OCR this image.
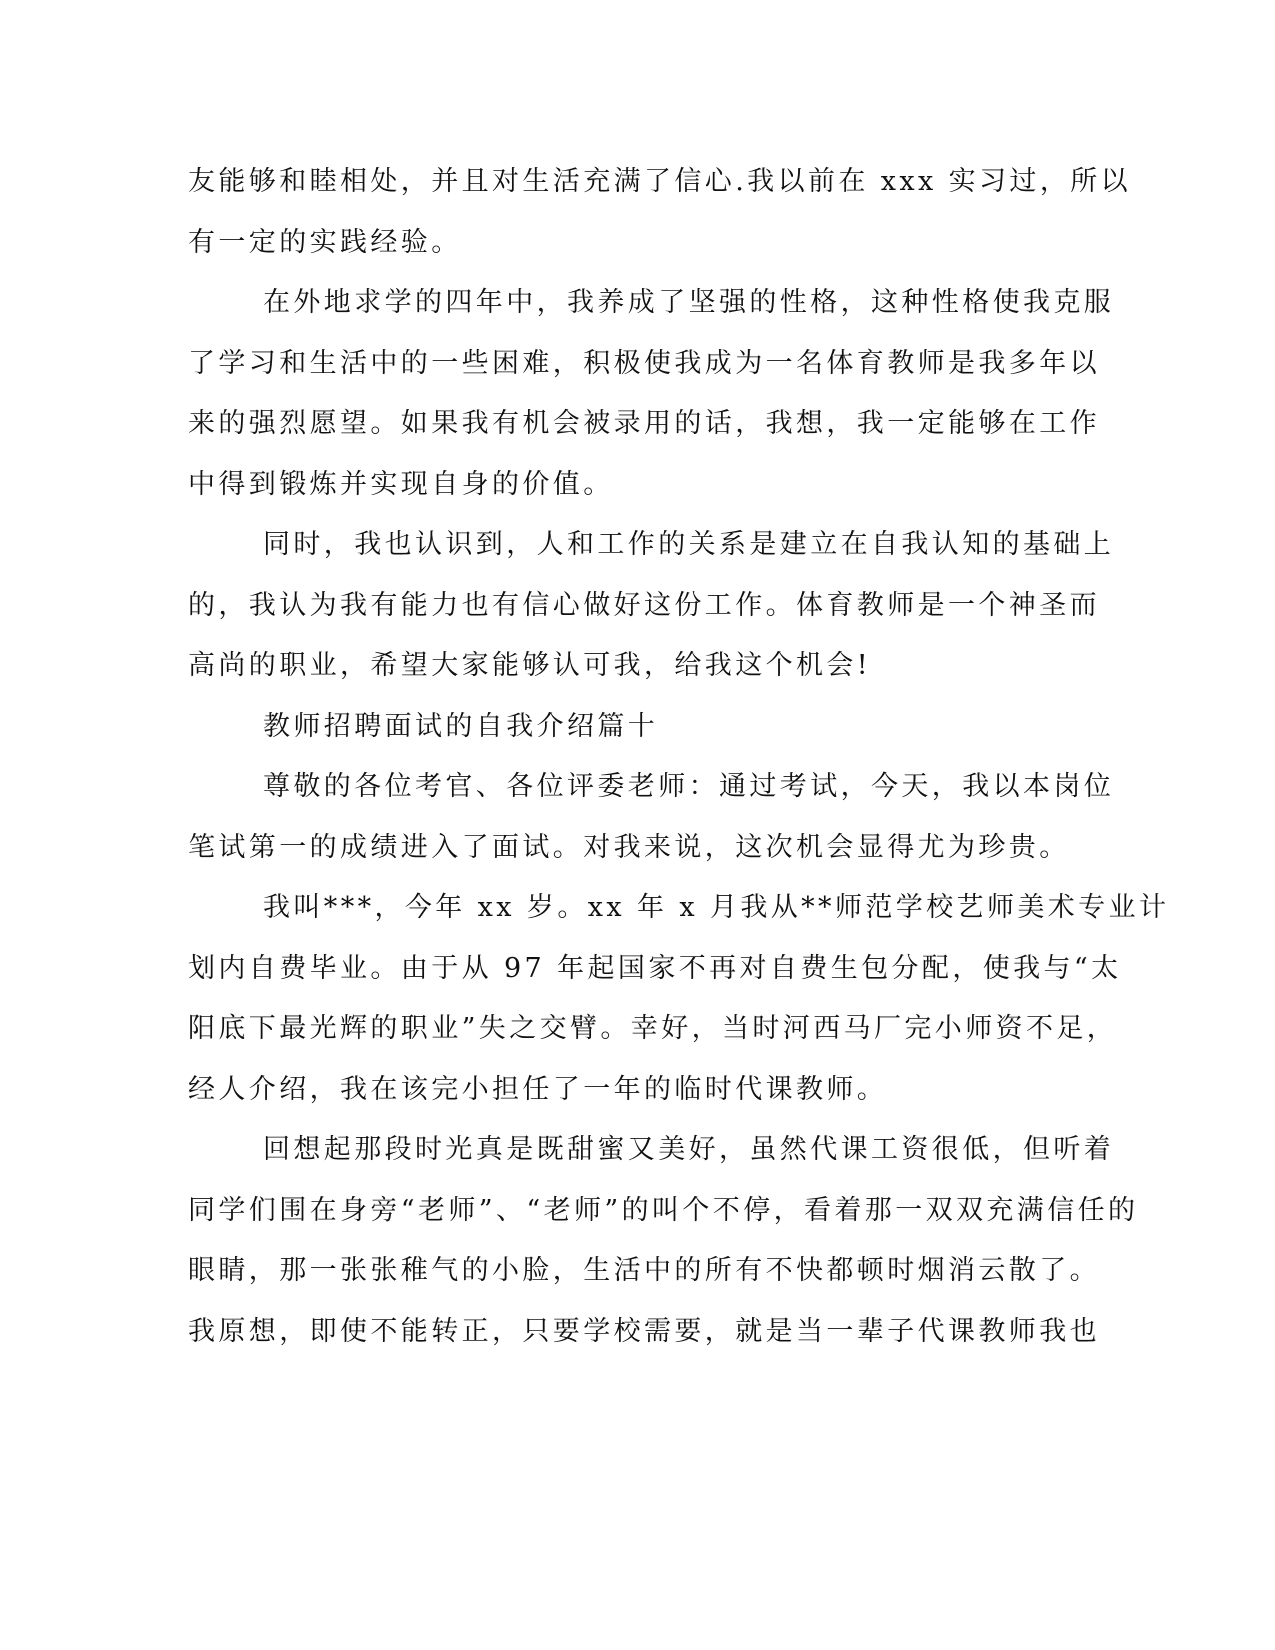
友能够和睦相处，并且对生活充满了信心.我以前在 xxx 实习过，所以
有一定的实践经验。

在外地求学的四年中，我养成了坚强的性格，这种性格使我克服
了学习和生活中的一些困难，积极使我成为一名体育教师是我多年以
来的强烈愿望。如果我有机会被录用的话，我想，我一定能够在工作
中得到锻炼并实现自身的价值。

同时，我也认识到，人和工作的关系是建立在自我认知的基础上
的，我认为我有能力也有信心做好这份工作。体育教师是一个神圣而
高尚的职业，希望大家能够认可我，给我这个机会!

教师招聘面试的自我介绍篇十

尊敬的各位考官、各位评委老师：通过考试，今天，我以本岗位
笔试第一的成绩进入了面试。对我来说，这次机会显得尤为珍贵。

我叫***，今年 xx 岁。xx 年 x 月我从**师范学校艺师美术专业计
划内自费毕业。由于从 97 年起国家不再对自费生包分配，使我与“太
阳底下最光辉的职业”失之交臂。幸好，当时河西马厂完小师资不足，
经人介绍，我在该完小担任了一年的临时代课教师。

回想起那段时光真是既甜蜜又美好，虽然代课工资很低，但听着
同学们围在身旁“老师”、“老师”的叫个不停，看着那一双双充满信任的
眼睛，那一张张稚气的小脸，生活中的所有不快都顿时烟消云散了。
我原想，即使不能转正，只要学校需要，就是当一辈子代课教师我也
